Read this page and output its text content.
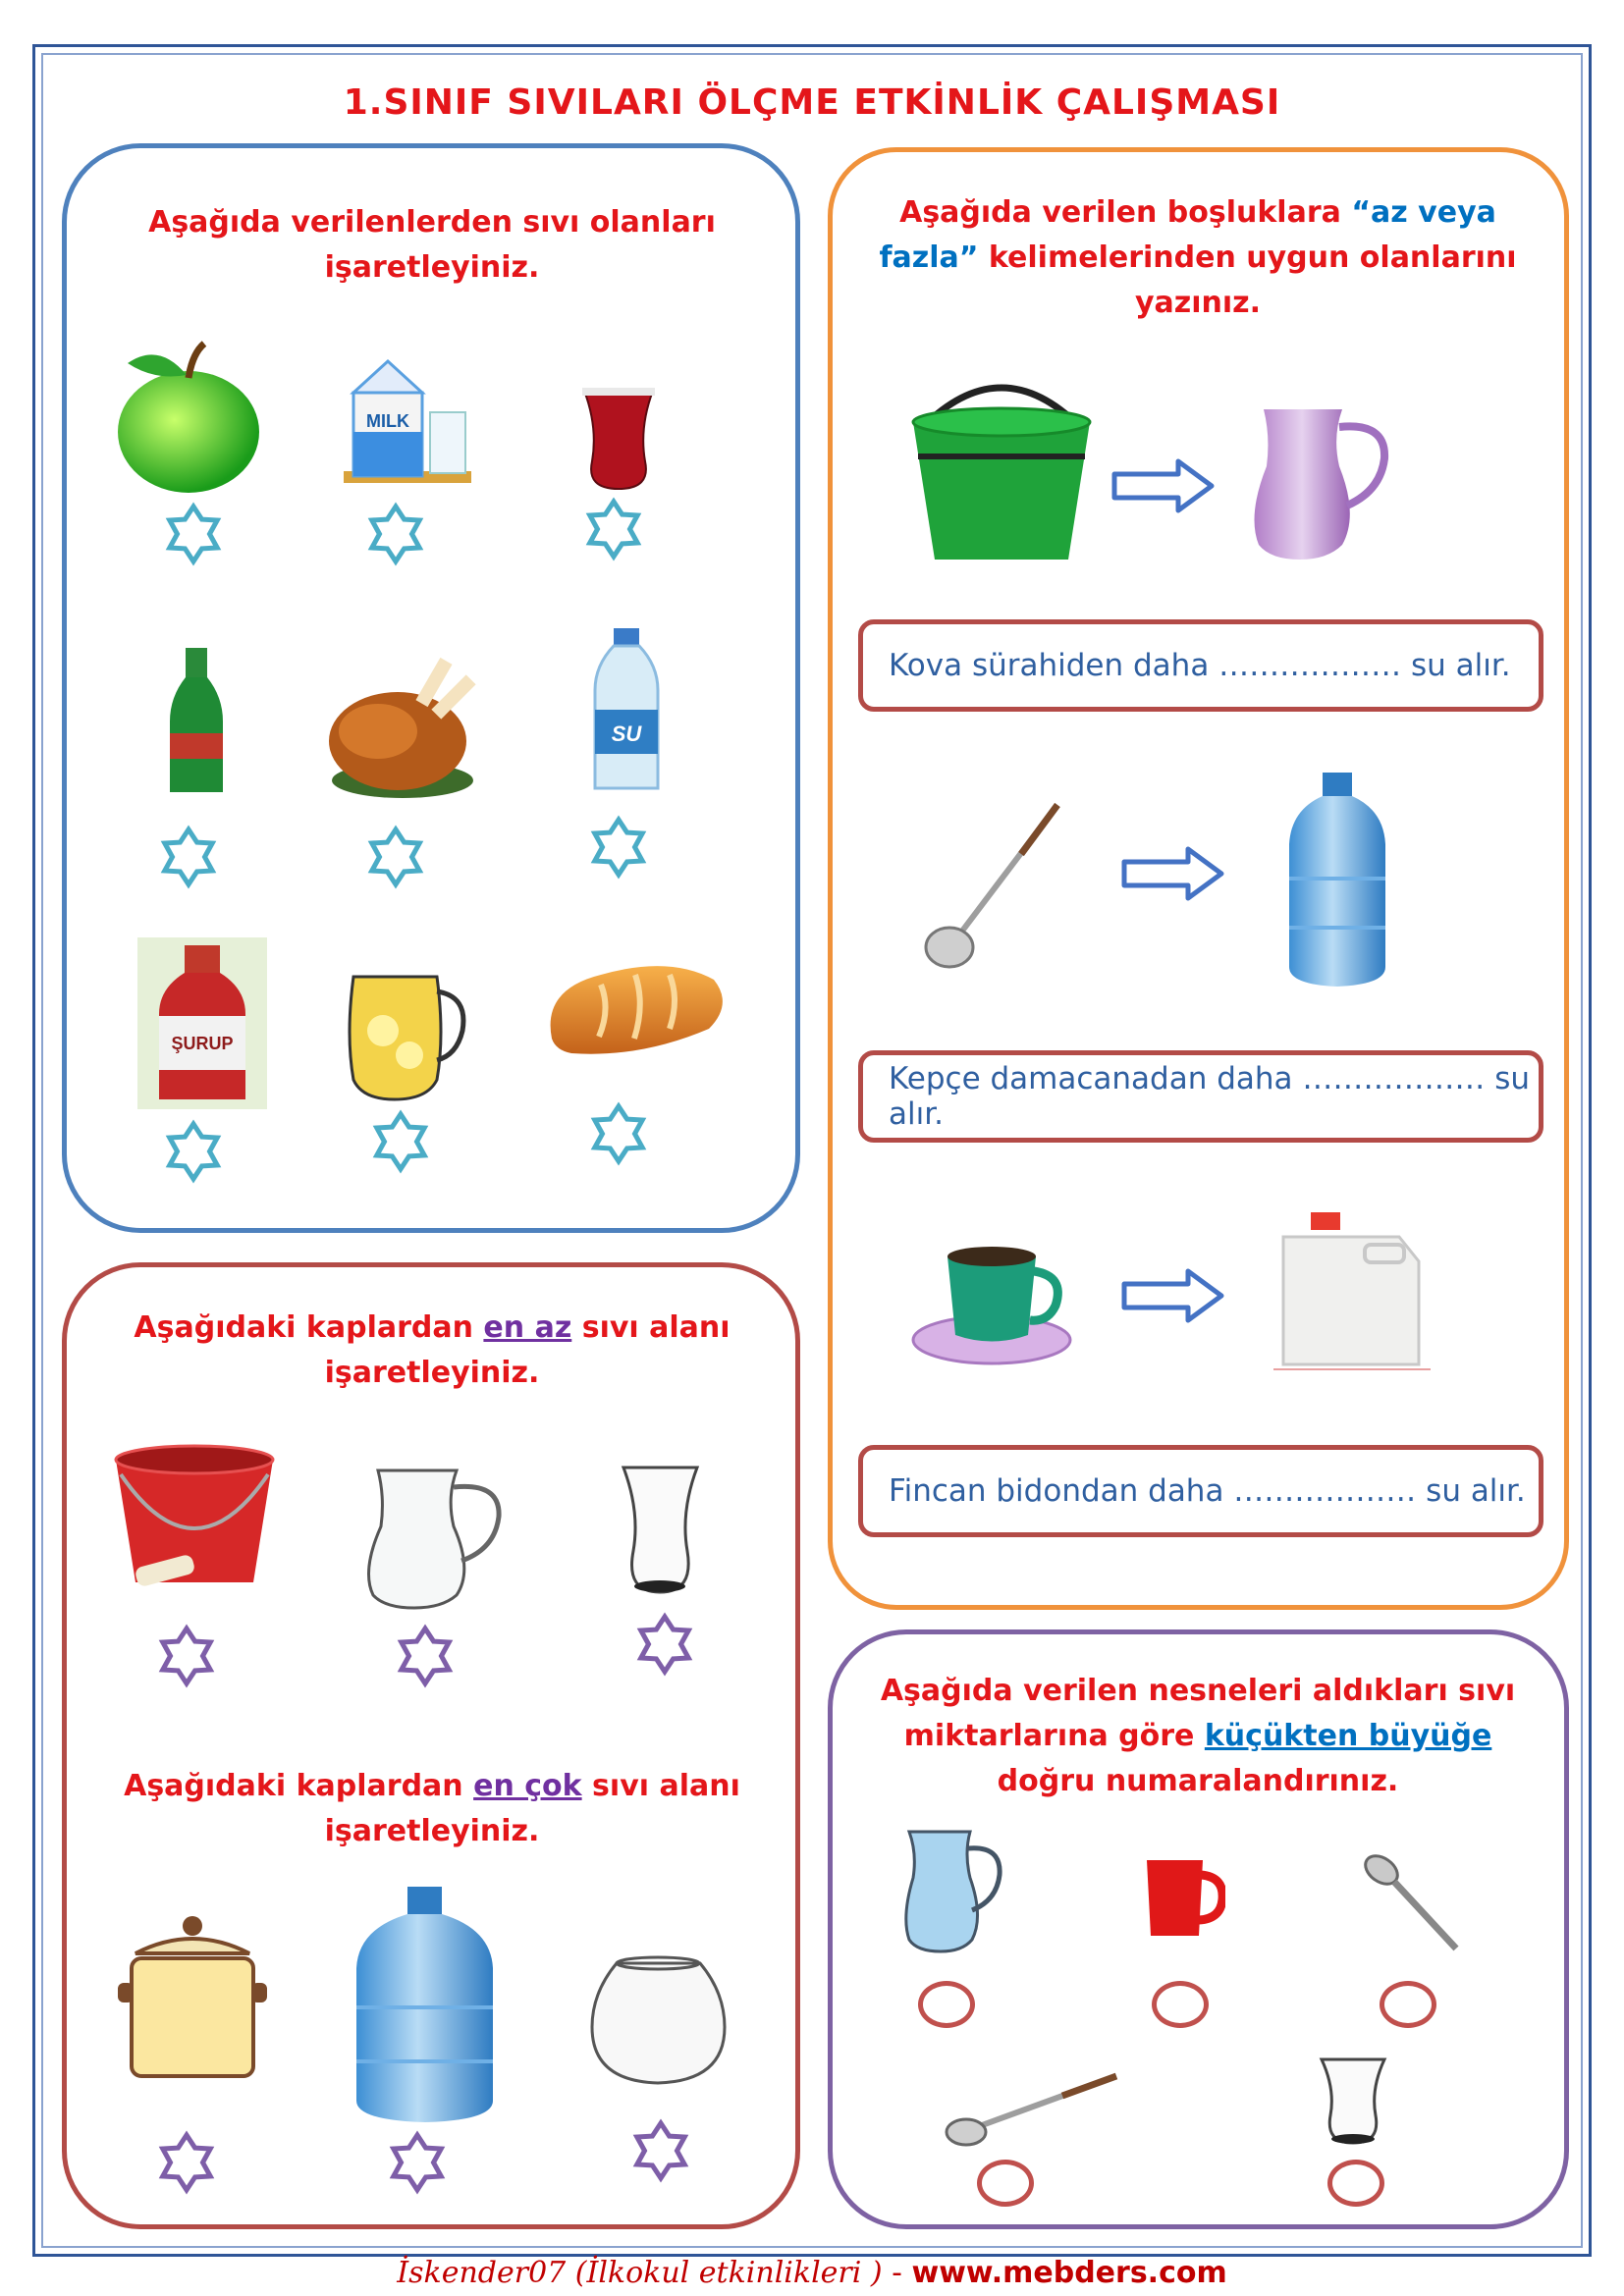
1.SINIF SIVILARI ÖLÇME ETKİNLİK ÇALIŞMASI
Aşağıda verilenlerden sıvı olanları
işaretleyiniz.
MILK
SU
ŞURUP
Aşağıda verilen boşluklara “az veya
fazla” kelimelerinden uygun olanlarını
yazınız.
Kova sürahiden daha ……………… su alır.
Kepçe damacanadan daha ……………… su alır.
Fincan bidondan daha ……………… su alır.
Aşağıdaki kaplardan en az sıvı alanı
işaretleyiniz.
Aşağıdaki kaplardan en çok sıvı alanı
işaretleyiniz.
Aşağıda verilen nesneleri aldıkları sıvı
miktarlarına göre küçükten büyüğe
doğru numaralandırınız.
İskender07 (İlkokul etkinlikleri ) - www.mebders.com
